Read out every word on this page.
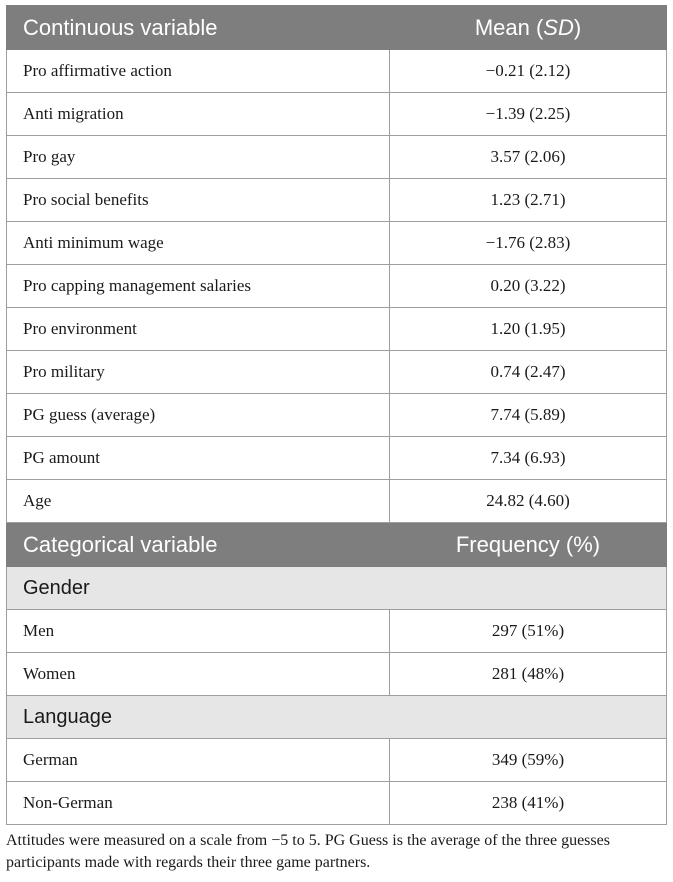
Continuous variable	Mean (SD)
Pro affirmative action	−0.21 (2.12)
Anti migration	−1.39 (2.25)
Pro gay	3.57 (2.06)
Pro social benefits	1.23 (2.71)
Anti minimum wage	−1.76 (2.83)
Pro capping management salaries	0.20 (3.22)
Pro environment	1.20 (1.95)
Pro military	0.74 (2.47)
PG guess (average)	7.74 (5.89)
PG amount	7.34 (6.93)
Age	24.82 (4.60)
Categorical variable	Frequency (%)
Gender	
Men	297 (51%)
Women	281 (48%)
Language	
German	349 (59%)
Non-German	238 (41%)
Attitudes were measured on a scale from −5 to 5. PG Guess is the average of the three guesses participants made with regards their three game partners.
